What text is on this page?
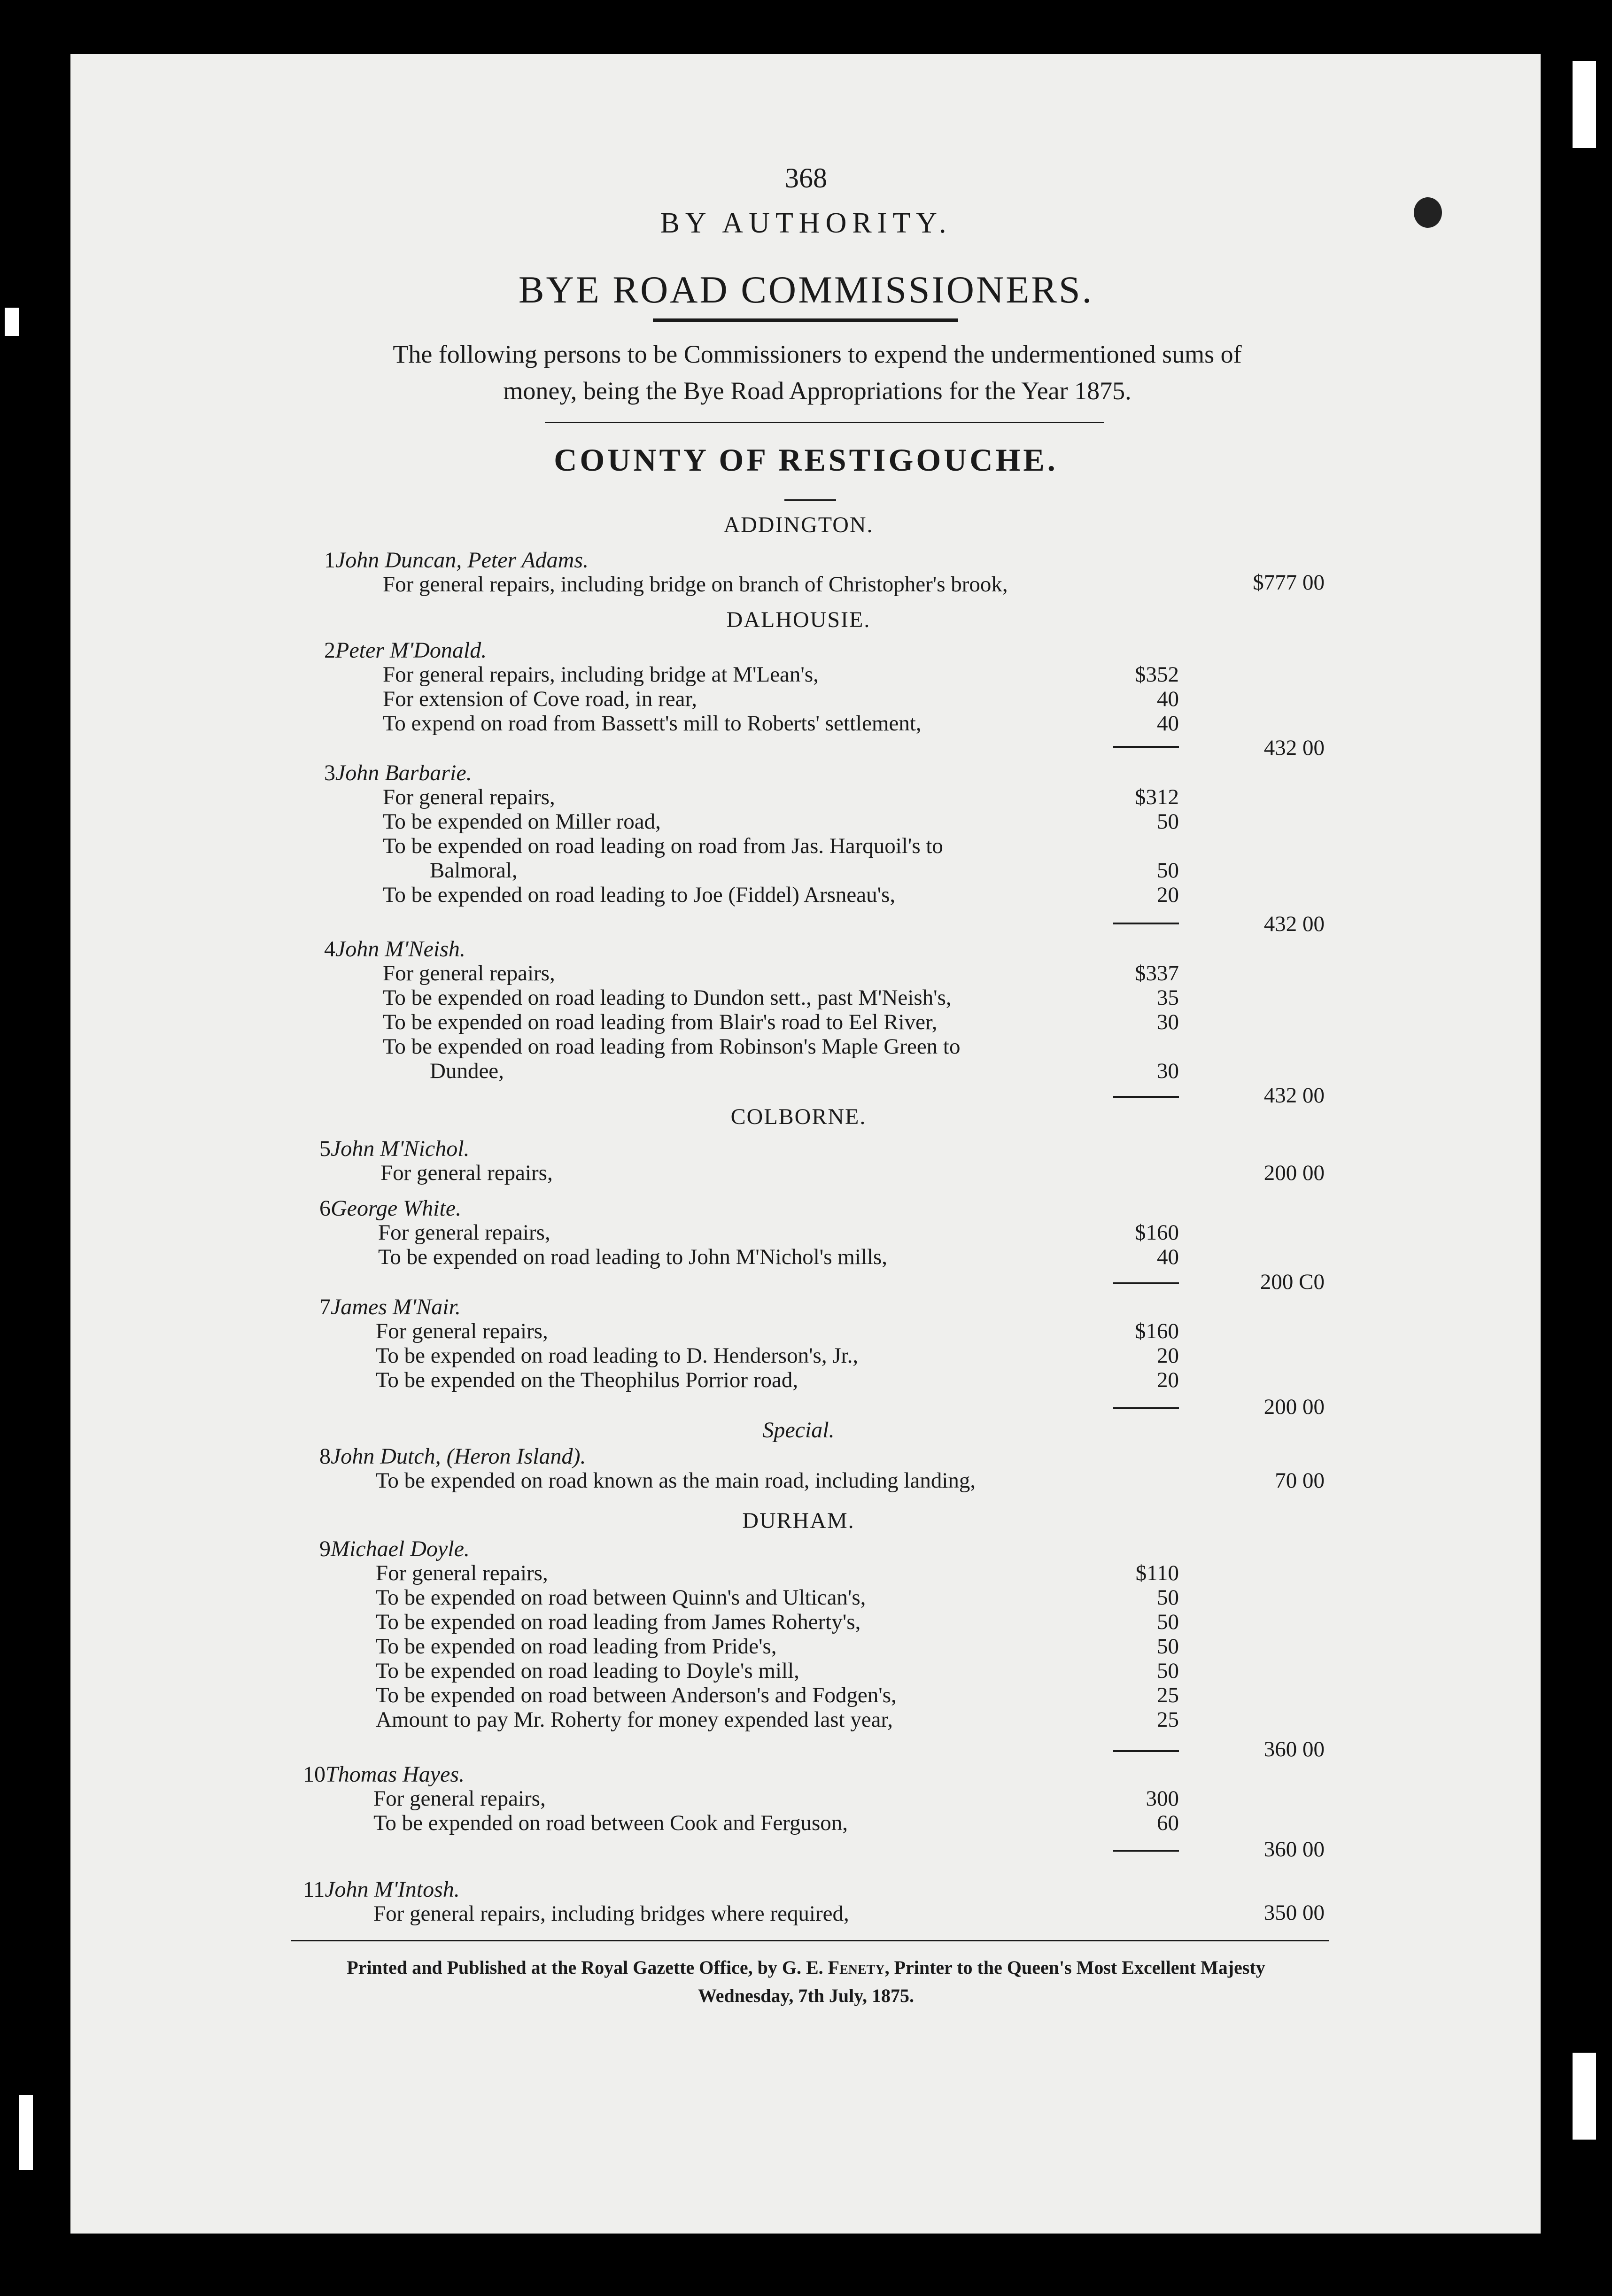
368
BY AUTHORITY.
BYE ROAD COMMISSIONERS.
The following persons to be Commissioners to expend the undermentioned sums of
money, being the Bye Road Appropriations for the Year 1875.
COUNTY OF RESTIGOUCHE.
ADDINGTON.
DALHOUSIE.
COLBORNE.
Special.
DURHAM.
1John Duncan, Peter Adams.
For general repairs, including bridge on branch of Christopher's brook,	$777 00
2Peter M'Donald.
For general repairs, including bridge at M'Lean's,	$352
For extension of Cove road, in rear,	40
To expend on road from Bassett's mill to Roberts' settlement,	40
432 00
3John Barbarie.
For general repairs,	$312
To be expended on Miller road,	50
To be expended on road leading on road from Jas. Harquoil's to
Balmoral,	50
To be expended on road leading to Joe (Fiddel) Arsneau's,	20
432 00
4John M'Neish.
For general repairs,	$337
To be expended on road leading to Dundon sett., past M'Neish's,	35
To be expended on road leading from Blair's road to Eel River,	30
To be expended on road leading from Robinson's Maple Green to
Dundee,	30
432 00
5John M'Nichol.
For general repairs,	200 00
6George White.
For general repairs,	$160
To be expended on road leading to John M'Nichol's mills,	40
200 C0
7James M'Nair.
For general repairs,	$160
To be expended on road leading to D. Henderson's, Jr.,	20
To be expended on the Theophilus Porrior road,	20
200 00
8John Dutch, (Heron Island).
To be expended on road known as the main road, including landing,	70 00
9Michael Doyle.
For general repairs,	$110
To be expended on road between Quinn's and Ultican's,	50
To be expended on road leading from James Roherty's,	50
To be expended on road leading from Pride's,	50
To be expended on road leading to Doyle's mill,	50
To be expended on road between Anderson's and Fodgen's,	25
Amount to pay Mr. Roherty for money expended last year,	25
360 00
10Thomas Hayes.
For general repairs,	300
To be expended on road between Cook and Ferguson,	60
360 00
11John M'Intosh.
For general repairs, including bridges where required,	350 00
Printed and Published at the Royal Gazette Office, by G. E. Fenety, Printer to the Queen's Most Excellent Majesty
Wednesday, 7th July, 1875.
